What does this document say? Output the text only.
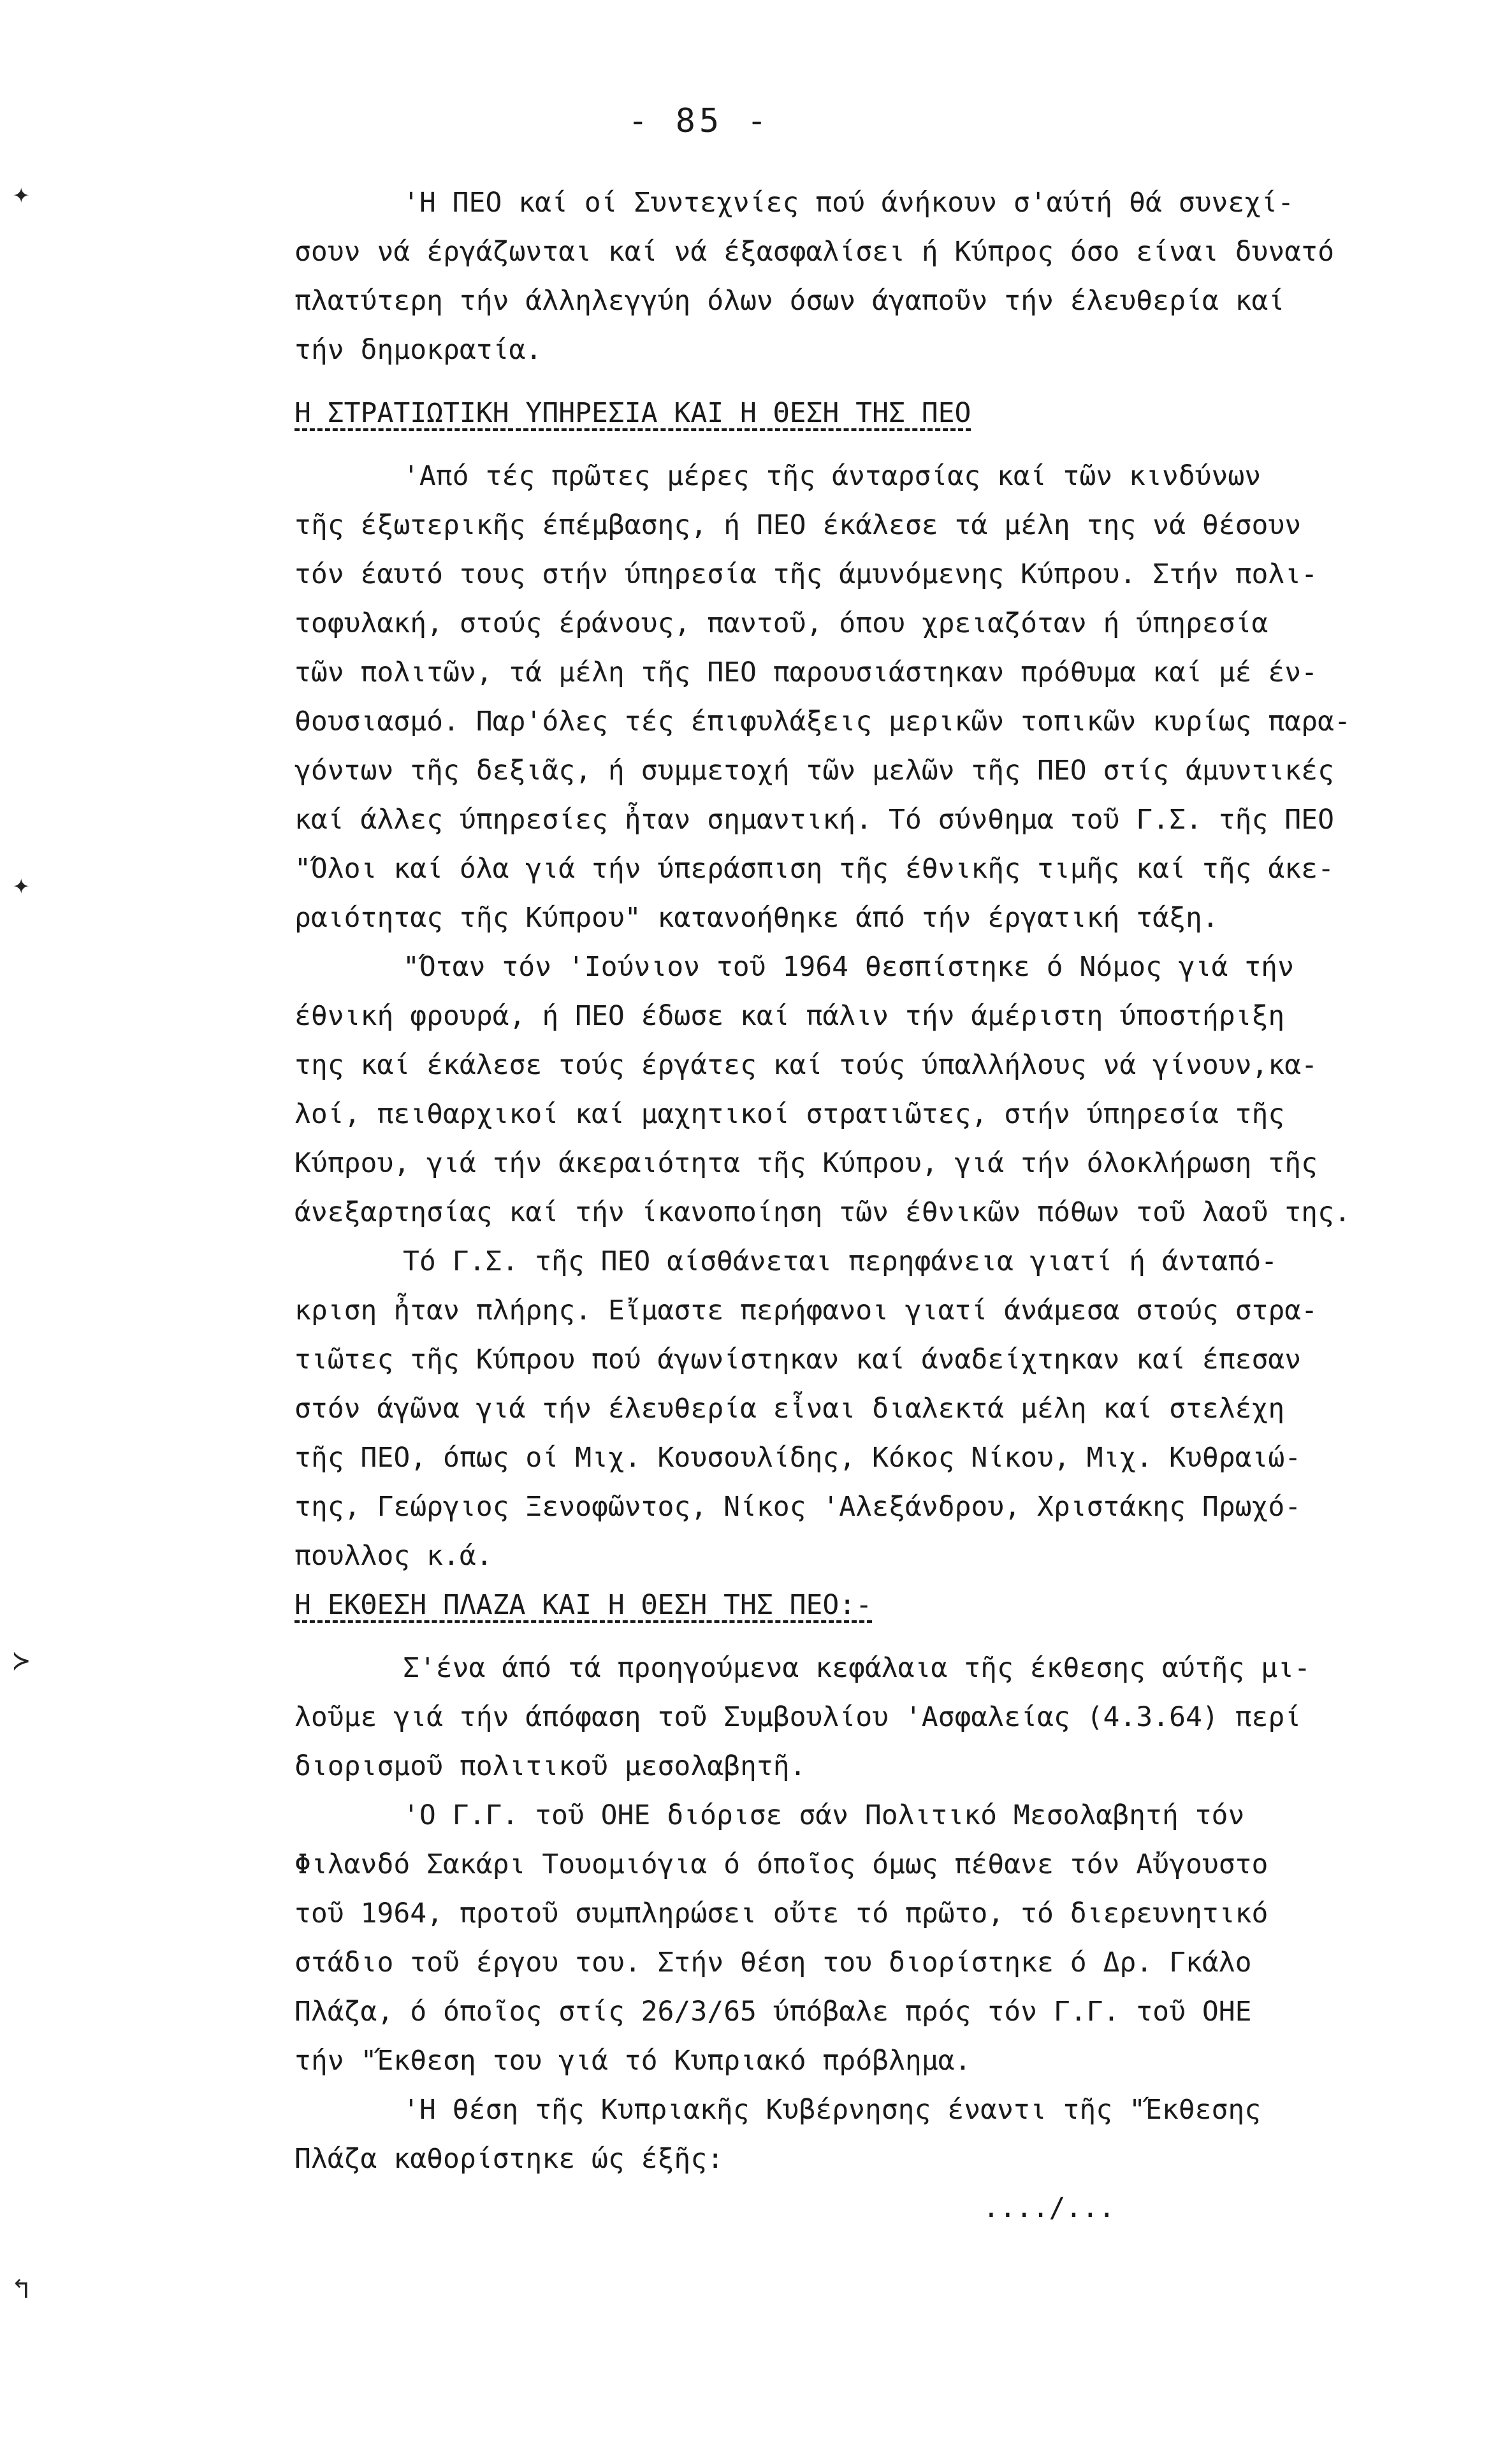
- 85 -
✦
✦
≻
↰
'Η ΠΕΟ καί οί Συντεχνίες πού άνήκουν σ'αύτή θά συνεχί-
σουν νά έργάζωνται καί νά έξασφαλίσει ή Κύπρος όσο είναι δυνατό
πλατύτερη τήν άλληλεγγύη όλων όσων άγαποῦν τήν έλευθερία καί
τήν δημοκρατία.
Η ΣΤΡΑΤΙΩΤΙΚΗ ΥΠΗΡΕΣΙΑ ΚΑΙ Η ΘΕΣΗ ΤΗΣ ΠΕΟ
'Από τές πρῶτες μέρες τῆς άνταρσίας καί τῶν κινδύνων
τῆς έξωτερικῆς έπέμβασης, ή ΠΕΟ έκάλεσε τά μέλη της νά θέσουν
τόν έαυτό τους στήν ύπηρεσία τῆς άμυνόμενης Κύπρου. Στήν πολι-
τοφυλακή, στούς έράνους, παντοῦ, όπου χρειαζόταν ή ύπηρεσία
τῶν πολιτῶν, τά μέλη τῆς ΠΕΟ παρουσιάστηκαν πρόθυμα καί μέ έν-
θουσιασμό. Παρ'όλες τές έπιφυλάξεις μερικῶν τοπικῶν κυρίως παρα-
γόντων τῆς δεξιᾶς, ή συμμετοχή τῶν μελῶν τῆς ΠΕΟ στίς άμυντικές
καί άλλες ύπηρεσίες ἦταν σημαντική. Τό σύνθημα τοῦ Γ.Σ. τῆς ΠΕΟ
"Όλοι καί όλα γιά τήν ύπεράσπιση τῆς έθνικῆς τιμῆς καί τῆς άκε-
ραιότητας τῆς Κύπρου" κατανοήθηκε άπό τήν έργατική τάξη.
"Όταν τόν 'Ιούνιον τοῦ 1964 θεσπίστηκε ό Νόμος γιά τήν
έθνική φρουρά, ή ΠΕΟ έδωσε καί πάλιν τήν άμέριστη ύποστήριξη
της καί έκάλεσε τούς έργάτες καί τούς ύπαλλήλους νά γίνουν,κα-
λοί, πειθαρχικοί καί μαχητικοί στρατιῶτες, στήν ύπηρεσία τῆς
Κύπρου, γιά τήν άκεραιότητα τῆς Κύπρου, γιά τήν όλοκλήρωση τῆς
άνεξαρτησίας καί τήν ίκανοποίηση τῶν έθνικῶν πόθων τοῦ λαοῦ της.
Τό Γ.Σ. τῆς ΠΕΟ αίσθάνεται περηφάνεια γιατί ή άνταπό-
κριση ἦταν πλήρης. Εἴμαστε περήφανοι γιατί άνάμεσα στούς στρα-
τιῶτες τῆς Κύπρου πού άγωνίστηκαν καί άναδείχτηκαν καί έπεσαν
στόν άγῶνα γιά τήν έλευθερία εἶναι διαλεκτά μέλη καί στελέχη
τῆς ΠΕΟ, όπως οί Μιχ. Κουσουλίδης, Κόκος Νίκου, Μιχ. Κυθραιώ-
της, Γεώργιος Ξενοφῶντος, Νίκος 'Αλεξάνδρου, Χριστάκης Πρωχό-
πουλλος κ.ά.
Η ΕΚΘΕΣΗ ΠΛΑΖΑ ΚΑΙ Η ΘΕΣΗ ΤΗΣ ΠΕΟ:-
Σ'ένα άπό τά προηγούμενα κεφάλαια τῆς έκθεσης αύτῆς μι-
λοῦμε γιά τήν άπόφαση τοῦ Συμβουλίου 'Ασφαλείας (4.3.64) περί
διορισμοῦ πολιτικοῦ μεσολαβητῆ.
'Ο Γ.Γ. τοῦ ΟΗΕ διόρισε σάν Πολιτικό Μεσολαβητή τόν
Φιλανδό Σακάρι Τουομιόγια ό όποῖος όμως πέθανε τόν Αὔγουστο
τοῦ 1964, προτοῦ συμπληρώσει οὔτε τό πρῶτο, τό διερευνητικό
στάδιο τοῦ έργου του. Στήν θέση του διορίστηκε ό Δρ. Γκάλο
Πλάζα, ό όποῖος στίς 26/3/65 ύπόβαλε πρός τόν Γ.Γ. τοῦ ΟΗΕ
τήν "Έκθεση του γιά τό Κυπριακό πρόβλημα.
'Η θέση τῆς Κυπριακῆς Κυβέρνησης έναντι τῆς "Έκθεσης
Πλάζα καθορίστηκε ώς έξῆς:
..../...
